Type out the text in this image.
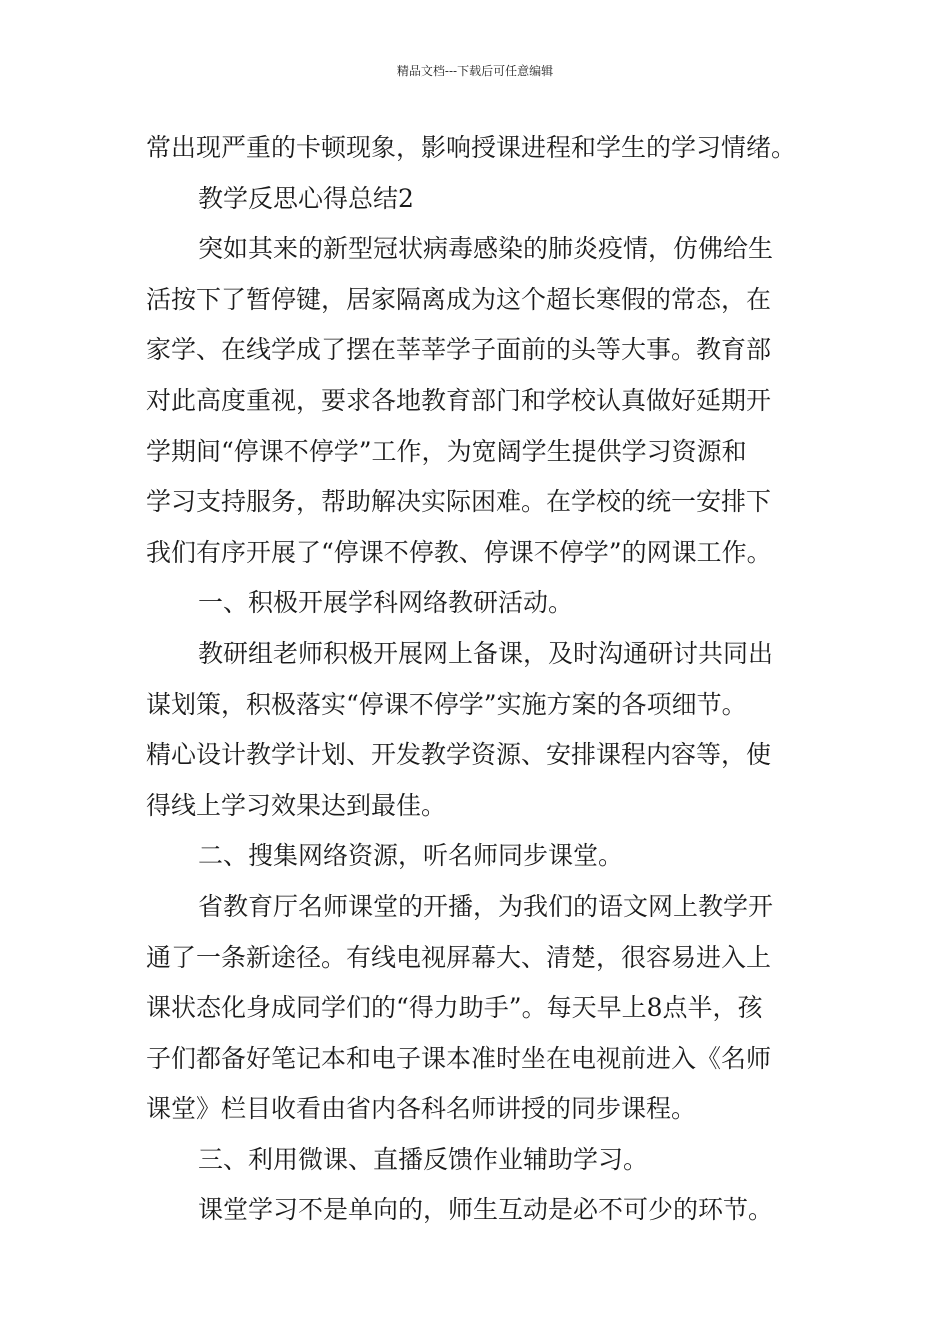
精品文档---下载后可任意编辑
常出现严重的卡顿现象，影响授课进程和学生的学习情绪。
教学反思心得总结2
突如其来的新型冠状病毒感染的肺炎疫情，仿佛给生
活按下了暂停键，居家隔离成为这个超长寒假的常态，在
家学、在线学成了摆在莘莘学子面前的头等大事。教育部
对此高度重视，要求各地教育部门和学校认真做好延期开
学期间“停课不停学”工作，为宽阔学生提供学习资源和
学习支持服务，帮助解决实际困难。在学校的统一安排下
我们有序开展了“停课不停教、停课不停学”的网课工作。
一、积极开展学科网络教研活动。
教研组老师积极开展网上备课，及时沟通研讨共同出
谋划策，积极落实“停课不停学”实施方案的各项细节。
精心设计教学计划、开发教学资源、安排课程内容等，使
得线上学习效果达到最佳。
二、搜集网络资源，听名师同步课堂。
省教育厅名师课堂的开播，为我们的语文网上教学开
通了一条新途径。有线电视屏幕大、清楚，很容易进入上
课状态化身成同学们的“得力助手”。每天早上8点半，孩
子们都备好笔记本和电子课本准时坐在电视前进入《名师
课堂》栏目收看由省内各科名师讲授的同步课程。
三、利用微课、直播反馈作业辅助学习。
课堂学习不是单向的，师生互动是必不可少的环节。
